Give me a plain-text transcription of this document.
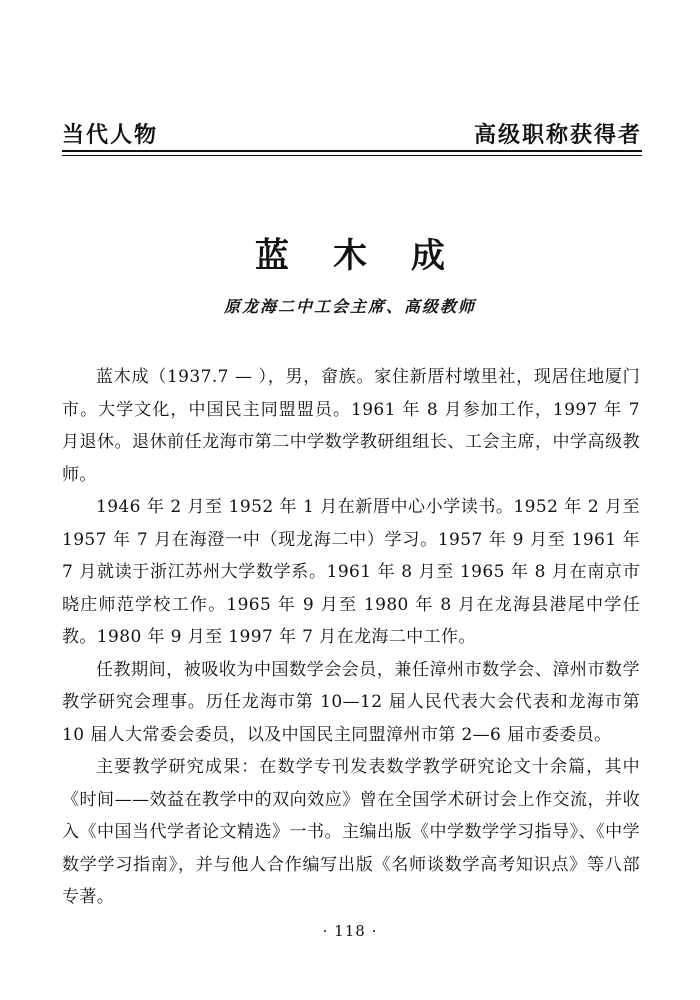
当代人物	高级职称获得者
蓝木成
原龙海二中工会主席、高级教师

蓝木成（1937.7 — ），男，畲族。家住新厝村墩里社，现居住地厦门市。大学文化，中国民主同盟盟员。1961 年 8 月参加工作，1997 年 7 月退休。退休前任龙海市第二中学数学教研组组长、工会主席，中学高级教师。

1946 年 2 月至 1952 年 1 月在新厝中心小学读书。1952 年 2 月至 1957 年 7 月在海澄一中（现龙海二中）学习。1957 年 9 月至 1961 年 7 月就读于浙江苏州大学数学系。1961 年 8 月至 1965 年 8 月在南京市晓庄师范学校工作。1965 年 9 月至 1980 年 8 月在龙海县港尾中学任教。1980 年 9 月至 1997 年 7 月在龙海二中工作。

任教期间，被吸收为中国数学会会员，兼任漳州市数学会、漳州市数学教学研究会理事。历任龙海市第 10—12 届人民代表大会代表和龙海市第 10 届人大常委会委员，以及中国民主同盟漳州市第 2—6 届市委委员。

主要教学研究成果：在数学专刊发表数学教学研究论文十余篇，其中《时间——效益在教学中的双向效应》曾在全国学术研讨会上作交流，并收入《中国当代学者论文精选》一书。主编出版《中学数学学习指导》、《中学数学学习指南》，并与他人合作编写出版《名师谈数学高考知识点》等八部专著。

· 118 ·
